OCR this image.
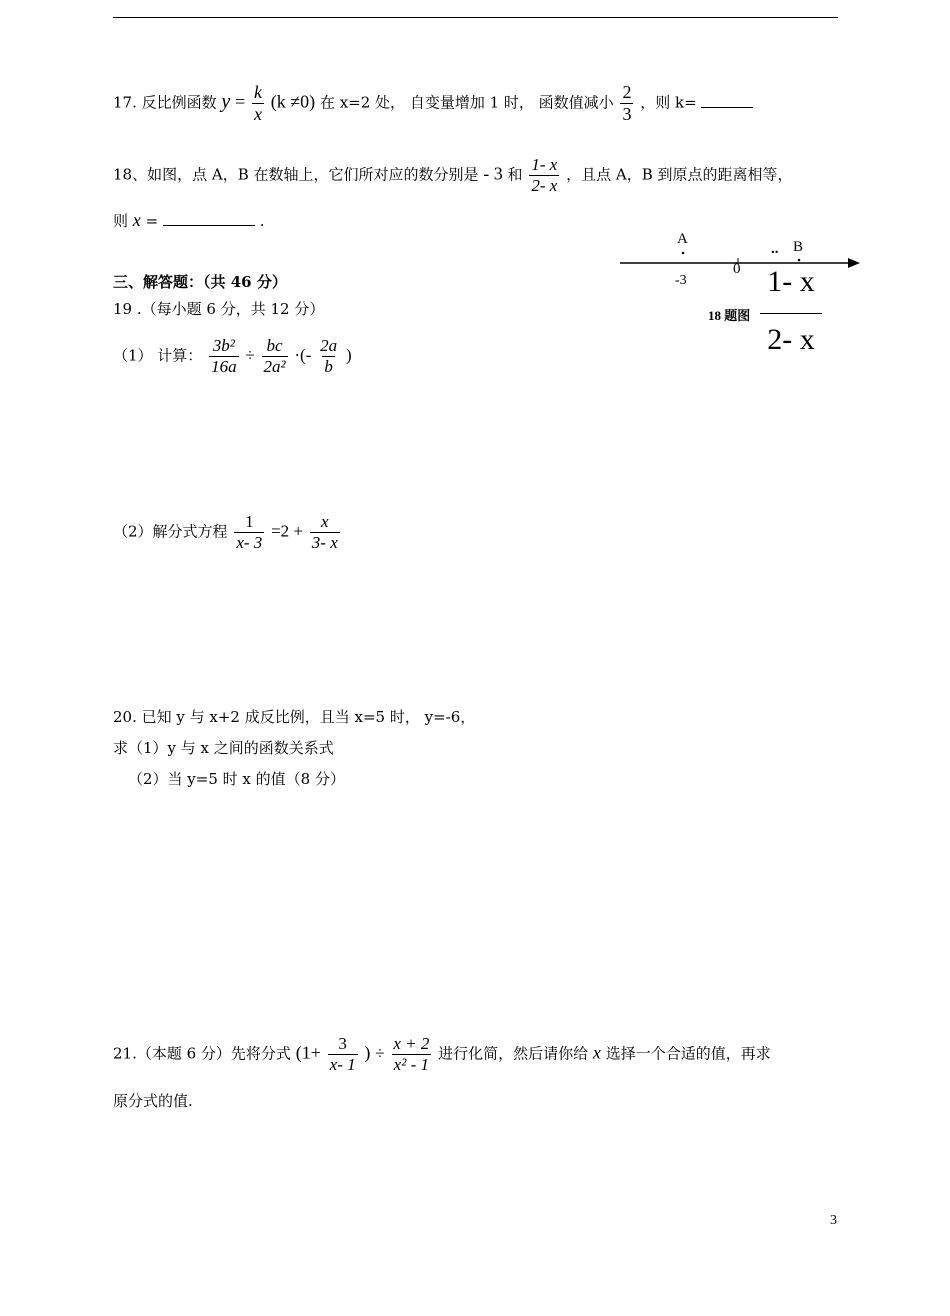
17. 反比例函数 $y = \frac{k}{x} (k \ne 0)$ 在 x=2 处， 自变量增加 1 时， 函数值减小 $\frac{2}{3}$ ，则 k=
18、如图，点 A，B 在数轴上，它们所对应的数分别是 - 3 和 $\frac{1- x}{2- x}$ ，且点 A，B 到原点的距离相等，
则 x =	.
A
0
-3
.. B
18 题图
1- x
2- x
三、解答题：（共 46 分）
19 .（每小题 6 分，共 12 分）
（1） 计算： $\frac{\text{3b²}}{16a} \div \frac{bc}{\text{2a²}}$ ·(- $\frac{2a}{b}$ )
（2）解分式方程 $\frac{1}{x- 3} =2 + \frac{x}{3- x}$
20. 已知 y 与 x+2 成反比例，且当 x=5 时， y=-6，
求（1）y 与 x 之间的函数关系式
（2）当 y=5 时 x 的值（8 分）
21.（本题 6 分）先将分式 ($1+ \frac{3}{x- 1}$ ) ÷ $\frac{x + 2}{\text{x² - 1}}$ 进行化简，然后请你给 x 选择一个合适的值，再求
原分式的值.
3
